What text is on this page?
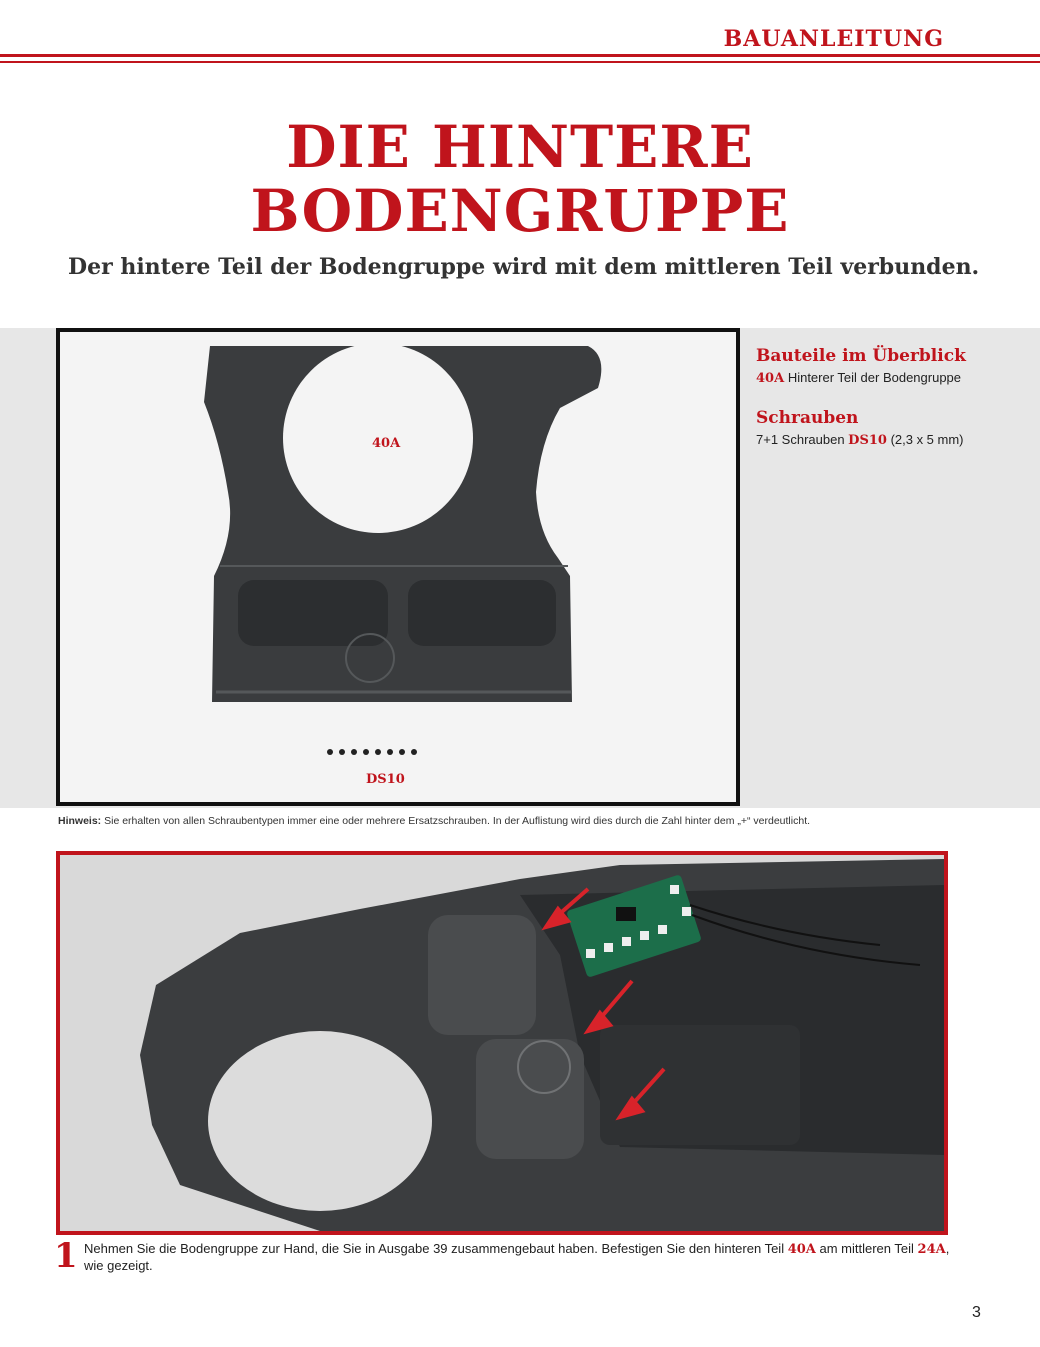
BAUANLEITUNG
DIE HINTERE
BODENGRUPPE
Der hintere Teil der Bodengruppe wird mit dem mittleren Teil verbunden.
40A
DS10
Bauteile im Überblick

40A Hinterer Teil der Bodengruppe

Schrauben

7+1 Schrauben DS10 (2,3 x 5 mm)

Hinweis: Sie erhalten von allen Schraubentypen immer eine oder mehrere Ersatzschrauben. In der Auflistung wird dies durch die Zahl hinter dem „+“ verdeutlicht.
1 Nehmen Sie die Bodengruppe zur Hand, die Sie in Ausgabe 39 zusammengebaut haben. Befestigen Sie den hinteren Teil 40A am mittleren Teil 24A, wie gezeigt.
3
